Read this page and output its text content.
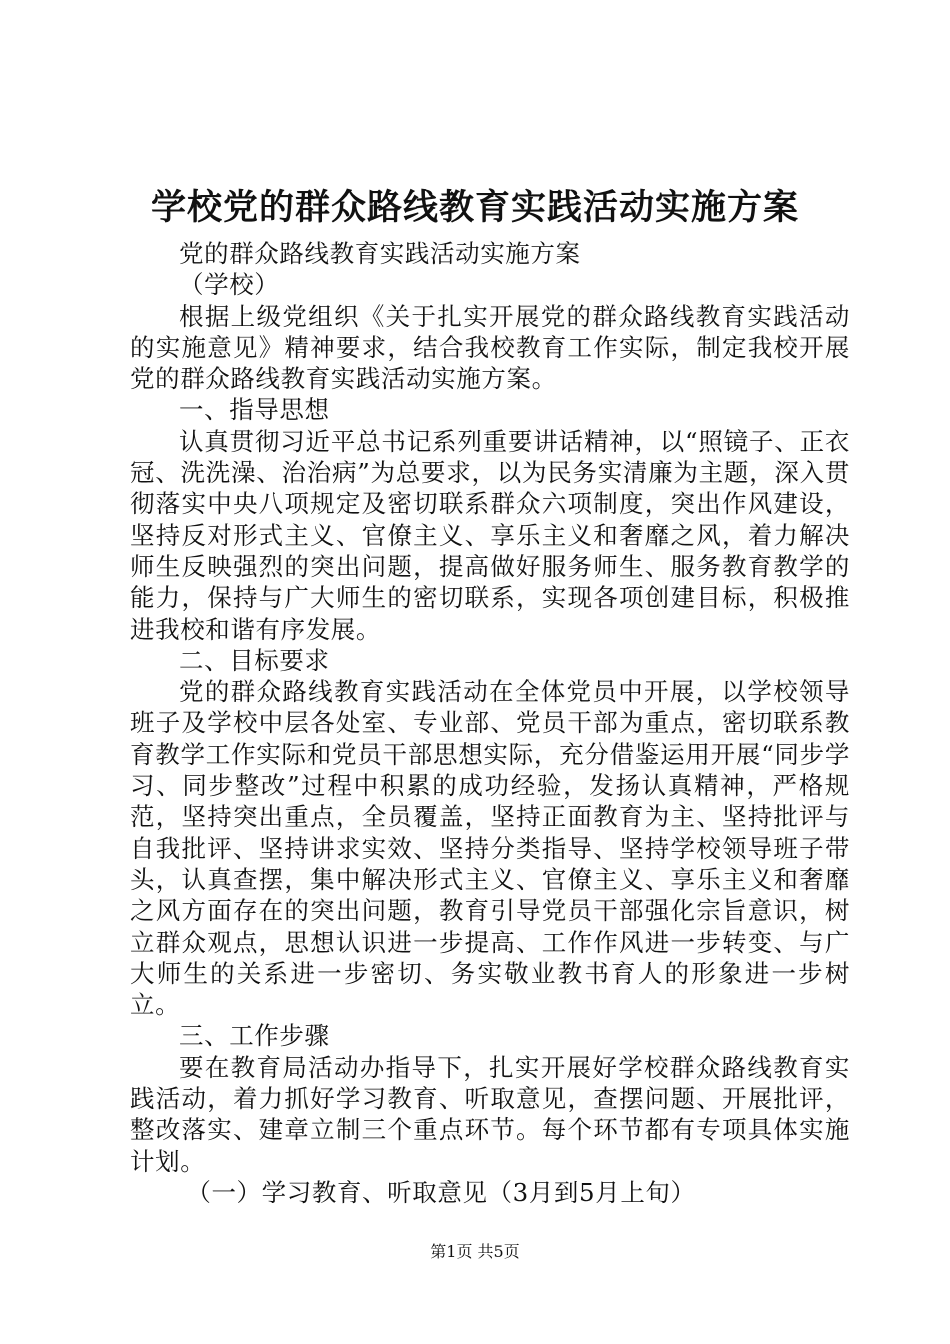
学校党的群众路线教育实践活动实施方案

党的群众路线教育实践活动实施方案

（学校）

根据上级党组织《关于扎实开展党的群众路线教育实践活动的实施意见》精神要求，结合我校教育工作实际，制定我校开展党的群众路线教育实践活动实施方案。

一、指导思想

认真贯彻习近平总书记系列重要讲话精神，以“照镜子、正衣冠、洗洗澡、治治病”为总要求，以为民务实清廉为主题，深入贯彻落实中央八项规定及密切联系群众六项制度，突出作风建设，坚持反对形式主义、官僚主义、享乐主义和奢靡之风，着力解决师生反映强烈的突出问题，提高做好服务师生、服务教育教学的能力，保持与广大师生的密切联系，实现各项创建目标，积极推进我校和谐有序发展。

二、目标要求

党的群众路线教育实践活动在全体党员中开展，以学校领导班子及学校中层各处室、专业部、党员干部为重点，密切联系教育教学工作实际和党员干部思想实际，充分借鉴运用开展“同步学习、同步整改”过程中积累的成功经验，发扬认真精神，严格规范，坚持突出重点，全员覆盖，坚持正面教育为主、坚持批评与自我批评、坚持讲求实效、坚持分类指导、坚持学校领导班子带头，认真查摆，集中解决形式主义、官僚主义、享乐主义和奢靡之风方面存在的突出问题，教育引导党员干部强化宗旨意识，树立群众观点，思想认识进一步提高、工作作风进一步转变、与广大师生的关系进一步密切、务实敬业教书育人的形象进一步树立。

三、工作步骤

要在教育局活动办指导下，扎实开展好学校群众路线教育实践活动，着力抓好学习教育、听取意见，查摆问题、开展批评，整改落实、建章立制三个重点环节。每个环节都有专项具体实施计划。

（一）学习教育、听取意见（3月到5月上旬）

第1页 共5页
